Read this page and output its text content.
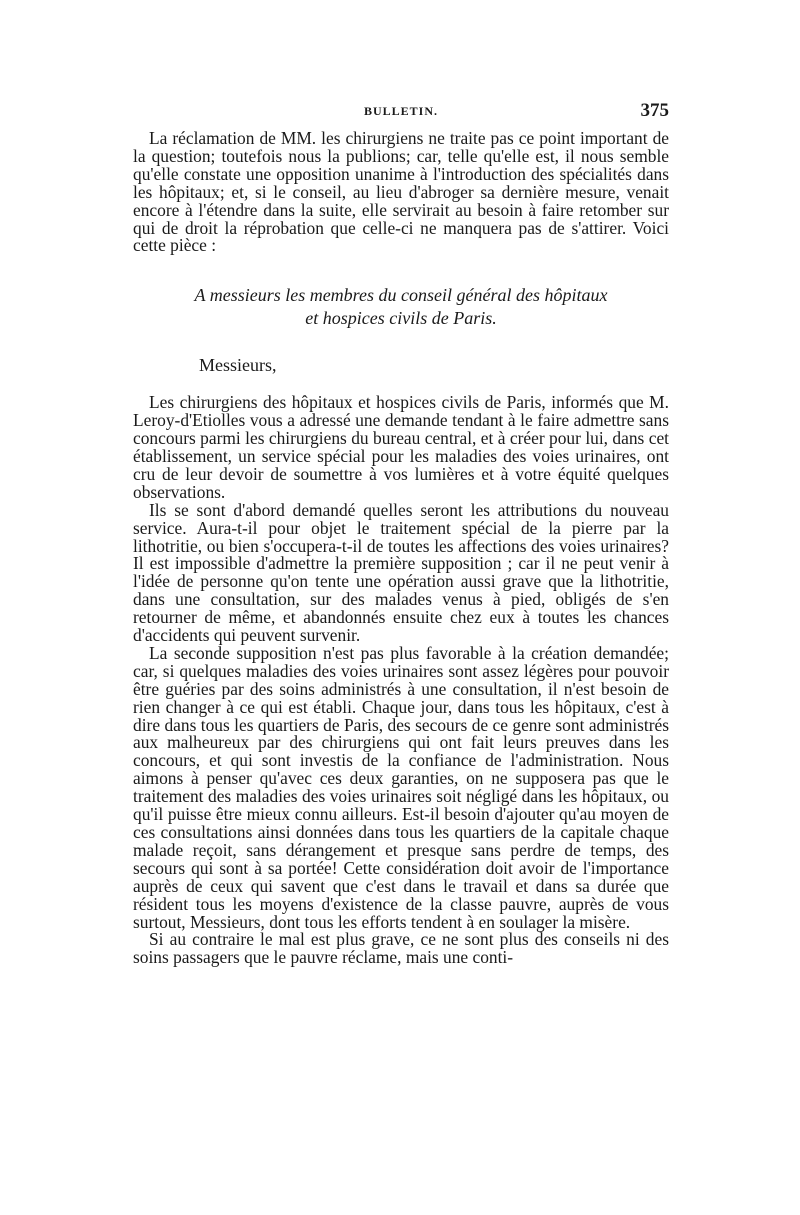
BULLETIN.	375

La réclamation de MM. les chirurgiens ne traite pas ce point important de la question; toutefois nous la publions; car, telle qu'elle est, il nous semble qu'elle constate une opposition unanime à l'introduction des spécialités dans les hôpitaux; et, si le conseil, au lieu d'abroger sa dernière mesure, venait encore à l'étendre dans la suite, elle servirait au besoin à faire retomber sur qui de droit la réprobation que celle-ci ne manquera pas de s'attirer. Voici cette pièce :

A messieurs les membres du conseil général des hôpitaux
et hospices civils de Paris.

Messieurs,

Les chirurgiens des hôpitaux et hospices civils de Paris, informés que M. Leroy-d'Etiolles vous a adressé une demande tendant à le faire admettre sans concours parmi les chirurgiens du bureau central, et à créer pour lui, dans cet établissement, un service spécial pour les maladies des voies urinaires, ont cru de leur devoir de soumettre à vos lumières et à votre équité quelques observations.

Ils se sont d'abord demandé quelles seront les attributions du nouveau service. Aura-t-il pour objet le traitement spécial de la pierre par la lithotritie, ou bien s'occupera-t-il de toutes les affections des voies urinaires? Il est impossible d'admettre la première supposition ; car il ne peut venir à l'idée de personne qu'on tente une opération aussi grave que la lithotritie, dans une consultation, sur des malades venus à pied, obligés de s'en retourner de même, et abandonnés ensuite chez eux à toutes les chances d'accidents qui peuvent survenir.

La seconde supposition n'est pas plus favorable à la création demandée; car, si quelques maladies des voies urinaires sont assez légères pour pouvoir être guéries par des soins administrés à une consultation, il n'est besoin de rien changer à ce qui est établi. Chaque jour, dans tous les hôpitaux, c'est à dire dans tous les quartiers de Paris, des secours de ce genre sont administrés aux malheureux par des chirurgiens qui ont fait leurs preuves dans les concours, et qui sont investis de la confiance de l'administration. Nous aimons à penser qu'avec ces deux garanties, on ne supposera pas que le traitement des maladies des voies urinaires soit négligé dans les hôpitaux, ou qu'il puisse être mieux connu ailleurs. Est-il besoin d'ajouter qu'au moyen de ces consultations ainsi données dans tous les quartiers de la capitale chaque malade reçoit, sans dérangement et presque sans perdre de temps, des secours qui sont à sa portée! Cette considération doit avoir de l'importance auprès de ceux qui savent que c'est dans le travail et dans sa durée que résident tous les moyens d'existence de la classe pauvre, auprès de vous surtout, Messieurs, dont tous les efforts tendent à en soulager la misère.

Si au contraire le mal est plus grave, ce ne sont plus des conseils ni des soins passagers que le pauvre réclame, mais une conti-
